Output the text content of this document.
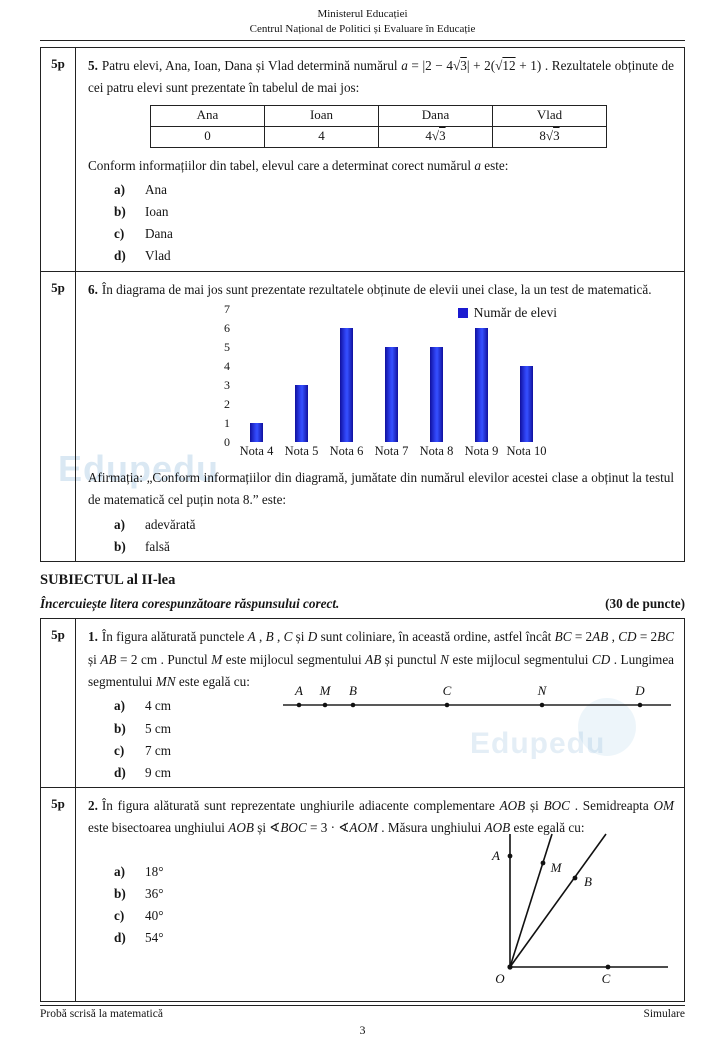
Edupedu
Edupedu
Ministerul Educației
Centrul Național de Politici și Evaluare în Educație
5p	5. Patru elevi, Ana, Ioan, Dana și Vlad determină numărul a = |2 − 4√3| + 2(√12 + 1) . Rezultatele obținute de cei patru elevi sunt prezentate în tabelul de mai jos:

Ana	Ioan	Dana	Vlad
0	4	4√3	8√3

Conform informațiilor din tabel, elevul care a determinat corect numărul a este:

a)	Ana
b)	Ioan
c)	Dana
d)	Vlad

5p	6. În diagrama de mai jos sunt prezentate rezultatele obținute de elevii unei clase, la un test de matematică.

Număr de elevi
7
6
5
4
3
2
1
0
Nota 4 Nota 5 Nota 6 Nota 7 Nota 8 Nota 9 Nota 10

Afirmația: „Conform informațiilor din diagramă, jumătate din numărul elevilor acestei clase a obținut la testul de matematică cel puțin nota 8.” este:

a)	adevărată
b)	falsă
SUBIECTUL al II-lea
Încercuiește litera corespunzătoare răspunsului corect.	(30 de puncte)
5p	1. În figura alăturată punctele A , B , C și D sunt coliniare, în această ordine, astfel încât BC = 2AB , CD = 2BC și AB = 2 cm . Punctul M este mijlocul segmentului AB și punctul N este mijlocul segmentului CD . Lungimea segmentului MN este egală cu:

a)	4 cm
b)	5 cm
c)	7 cm
d)	9 cm
A M B	C	N	D

5p	2. În figura alăturată sunt reprezentate unghiurile adiacente complementare AOB și BOC . Semidreapta OM este bisectoarea unghiului AOB și ∢BOC = 3 · ∢AOM . Măsura unghiului AOB este egală cu:

a)	18°
b)	36°
c)	40°
d)	54°
A
M
B
O	C
Probă scrisă la matematică	Simulare
3
